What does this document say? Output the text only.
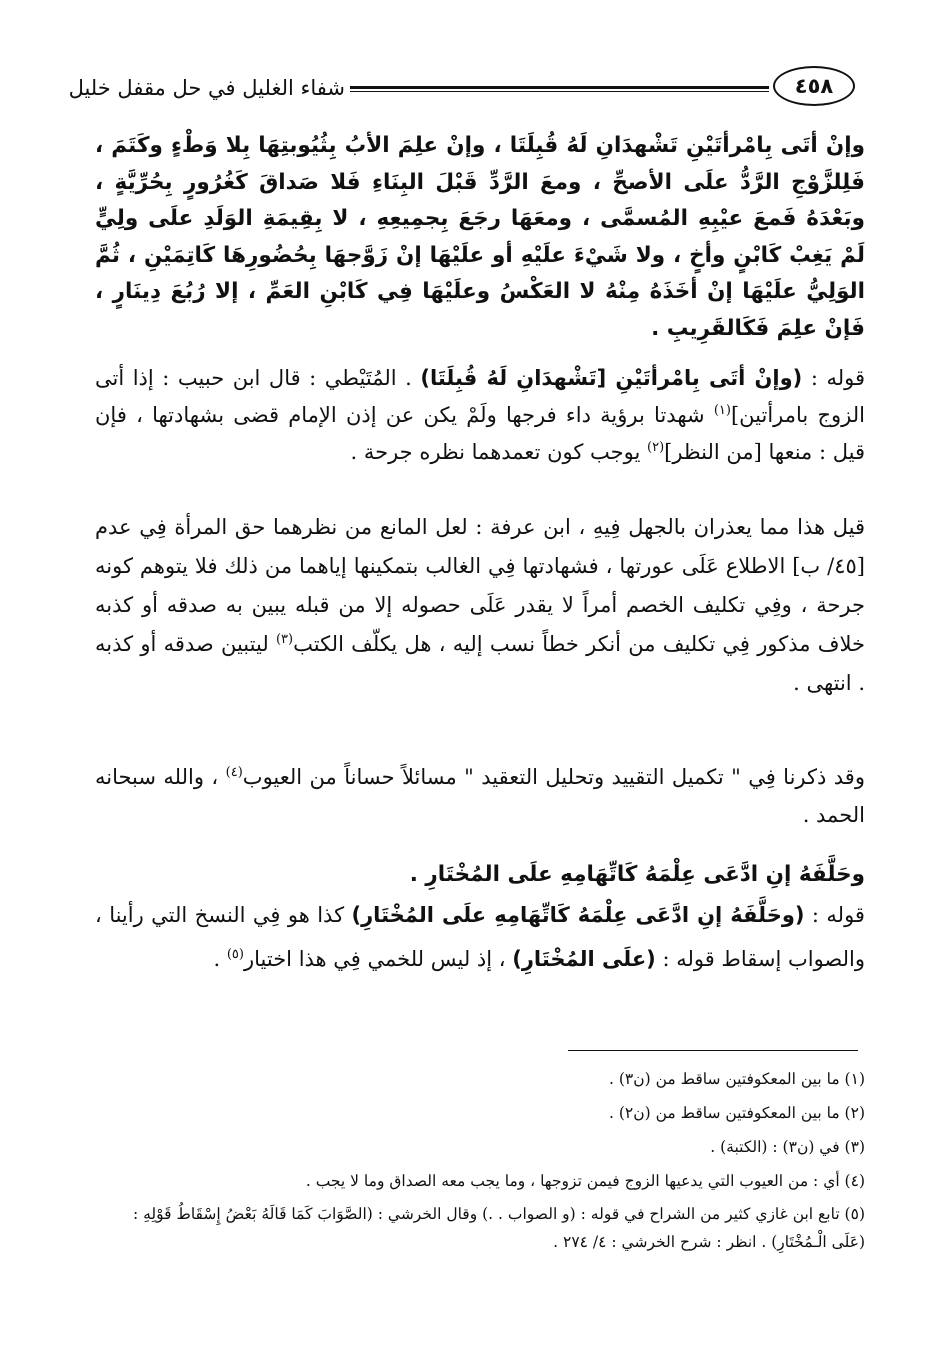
٤٥٨
شفاء الغليل في حل مقفل خليل
وإنْ أتَى بِامْرأتَيْنِ تَشْهدَانِ لَهُ قُبِلَتَا ، وإنْ علِمَ الأبُ بِثُيُوبتِهَا بِلا وَطْءٍ وكَتَمَ ، فَلِلزَّوْجِ الرَّدُّ علَى الأصحِّ ، ومعَ الرَّدِّ قَبْلَ البِنَاءِ فَلا صَداقَ كَغُرُورٍ بِحُرِّيَّةٍ ، وبَعْدَهُ فَمعَ عيْبِهِ المُسمَّى ، ومعَهَا رجَعَ بِجمِيعِهِ ، لا بِقِيمَةِ الوَلَدِ علَى ولِيٍّ لَمْ يَغِبْ كَابْنٍ وأخٍ ، ولا شَيْءَ علَيْهِ أو علَيْهَا إنْ زَوَّجهَا بِحُضُورِهَا كَاتِمَيْنِ ، ثُمَّ الوَلِيُّ علَيْهَا إنْ أخَذَهُ مِنْهُ لا العَكْسُ وعلَيْهَا فِي كَابْنِ العَمِّ ، إلا رُبُعَ دِينَارٍ ، فَإنْ علِمَ فَكَالقَرِيبِ .
قوله : (وإنْ أتَى بِامْرأتَيْنِ [تَشْهدَانِ لَهُ قُبِلَتَا) . المُتَيْطي : قال ابن حبيب : إذا أتى الزوج بامرأتين]$^{(١)}$ شهدتا برؤية داء فرجها ولَمْ يكن عن إذن الإمام قضى بشهادتها ، فإن قيل : منعها [من النظر]$^{(٢)}$ يوجب كون تعمدهما نظره جرحة .
قيل هذا مما يعذران بالجهل فِيهِ ، ابن عرفة : لعل المانع من نظرهما حق المرأة فِي عدم [٤٥/ ب] الاطلاع عَلَى عورتها ، فشهادتها فِي الغالب بتمكينها إياهما من ذلك فلا يتوهم كونه جرحة ، وفِي تكليف الخصم أمراً لا يقدر عَلَى حصوله إلا من قبله يبين به صدقه أو كذبه خلاف مذكور فِي تكليف من أنكر خطاً نسب إليه ، هل يكلّف الكتب$^{(٣)}$ ليتبين صدقه أو كذبه . انتهى .
وقد ذكرنا فِي " تكميل التقييد وتحليل التعقيد " مسائلاً حساناً من العيوب$^{(٤)}$ ، والله سبحانه الحمد .
وحَلَّفَهُ إنِ ادَّعَى عِلْمَهُ كَاتِّهَامِهِ علَى المُخْتَارِ .
قوله : (وحَلَّفَهُ إنِ ادَّعَى عِلْمَهُ كَاتِّهَامِهِ علَى المُخْتَارِ) كذا هو فِي النسخ التي رأينا ، والصواب إسقاط قوله : (علَى المُخْتَارِ) ، إذ ليس للخمي فِي هذا اختيار$^{(٥)}$ .

(١) ما بين المعكوفتين ساقط من (ن٣) .

(٢) ما بين المعكوفتين ساقط من (ن٢) .

(٣) في (ن٣) : (الكتبة) .

(٤) أي : من العيوب التي يدعيها الزوج فيمن تزوجها ، وما يجب معه الصداق وما لا يجب .

(٥) تابع ابن غازي كثير من الشراح في قوله : (و الصواب . .) وقال الخرشي : (الصَّوَابَ كَمَا قَالَهُ بَعْضُ إِسْقَاطُ قَوْلِهِ : (عَلَى الْـمُخْتَارِ) . انظر : شرح الخرشي : ٤/ ٢٧٤ .
